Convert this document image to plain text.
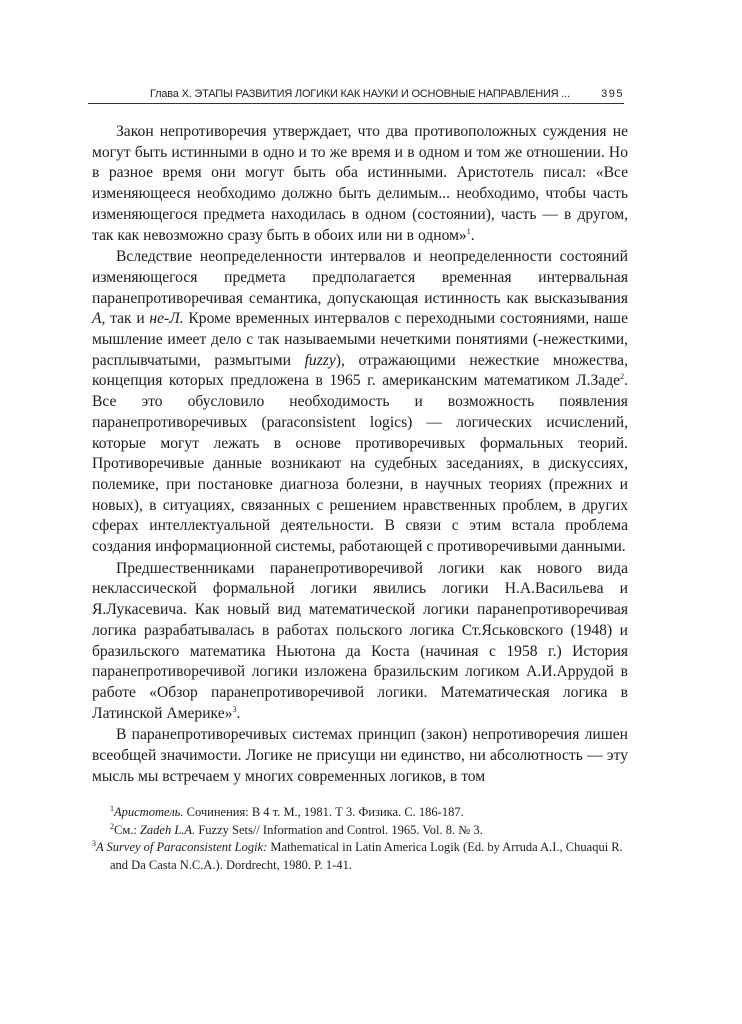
Глава X. ЭТАПЫ РАЗВИТИЯ ЛОГИКИ КАК НАУКИ И ОСНОВНЫЕ НАПРАВЛЕНИЯ ...	395

Закон непротиворечия утверждает, что два противоположных суждения не могут быть истинными в одно и то же время и в одном и том же отношении. Но в разное время они могут быть оба истинными. Аристотель писал: «Все изменяющееся необходимо должно быть делимым... необходимо, чтобы часть изменяющегося предмета находилась в одном (состоянии), часть — в другом, так как невозможно сразу быть в обоих или ни в одном»$^1$.

Вследствие неопределенности интервалов и неопределенности состояний изменяющегося предмета предполагается временная интервальная паранепротиворечивая семантика, допускающая истинность как высказывания А, так и не-Л. Кроме временных интервалов с переходными состояниями, наше мышление имеет дело с так называемыми нечеткими понятиями (-нежесткими, расплывчатыми, размытыми fuzzy), отражающими нежесткие множества, концепция которых предложена в 1965 г. американским математиком Л.Заде$^2$. Все это обусловило необходимость и возможность появления паранепротиворечивых (paraconsistent logics) — логических исчислений, которые могут лежать в основе противоречивых формальных теорий. Противоречивые данные возникают на судебных заседаниях, в дискуссиях, полемике, при постановке диагноза болезни, в научных теориях (прежних и новых), в ситуациях, связанных с решением нравственных проблем, в других сферах интеллектуальной деятельности. В связи с этим встала проблема создания информационной системы, работающей с противоречивыми данными.

Предшественниками паранепротиворечивой логики как нового вида неклассической формальной логики явились логики Н.А.Васильева и Я.Лукасевича. Как новый вид математической логики паранепротиворечивая логика разрабатывалась в работах польского логика Ст.Яськовского (1948) и бразильского математика Ньютона да Коста (начиная с 1958 г.) История паранепротиворечивой логики изложена бразильским логиком А.И.Аррудой в работе «Обзор паранепротиворечивой логики. Математическая логика в Латинской Америке»$^3$.

В паранепротиворечивых системах принцип (закон) непротиворечия лишен всеобщей значимости. Логике не присущи ни единство, ни абсолютность — эту мысль мы встречаем у многих современных логиков, в том

$^1$Аристотель. Сочинения: В 4 т. М., 1981. Т 3. Физика. С. 186-187.

$^2$См.: Zadeh L.A. Fuzzy Sets// Information and Control. 1965. Vol. 8. № 3.

$^3$A Survey of Paraconsistent Logik: Mathematical in Latin America Logik (Ed. by Arruda A.I., Chuaqui R. and Da Casta N.C.A.). Dordrecht, 1980. P. 1-41.
